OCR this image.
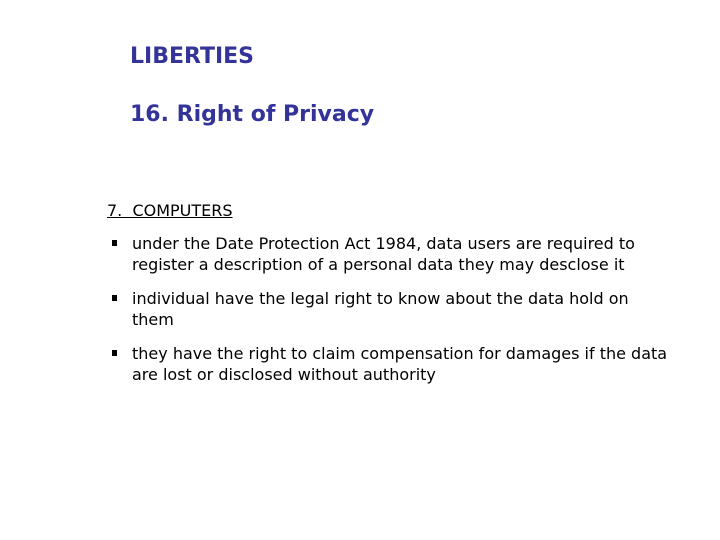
LIBERTIES
16. Right of Privacy
7.  COMPUTERS
under the Date Protection Act 1984, data users are required to register a description of a personal data they may desclose it
individual have the legal right to know about the data hold on them
they have the right to claim compensation for damages if the data are lost or disclosed without authority
